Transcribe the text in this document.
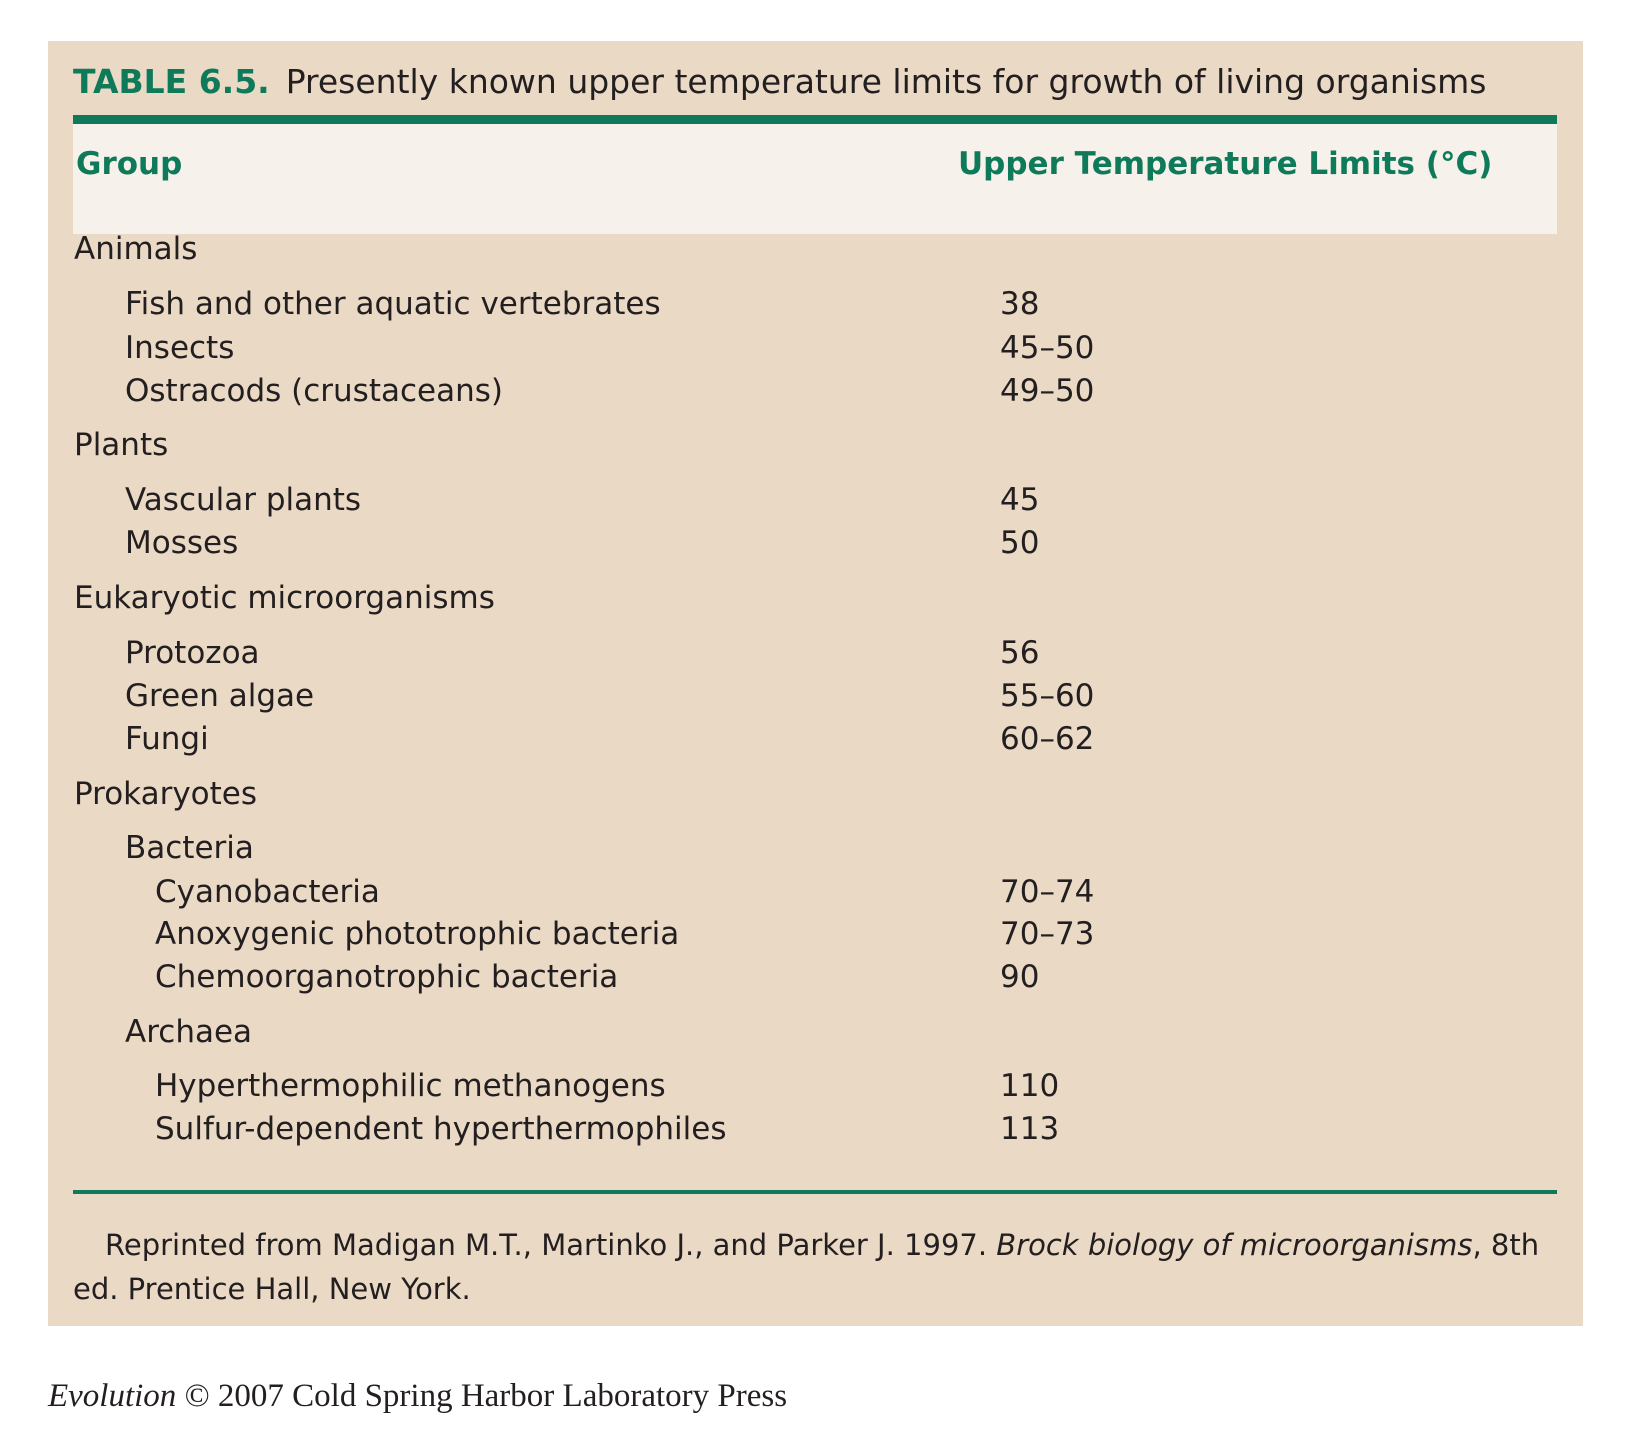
TABLE 6.5. Presently known upper temperature limits for growth of living organisms
Group	Upper Temperature Limits (°C)
Animals
Fish and other aquatic vertebrates	38
Insects	45–50
Ostracods (crustaceans)	49–50
Plants
Vascular plants	45
Mosses	50
Eukaryotic microorganisms
Protozoa	56
Green algae	55–60
Fungi	60–62
Prokaryotes
Bacteria
Cyanobacteria	70–74
Anoxygenic phototrophic bacteria	70–73
Chemoorganotrophic bacteria	90
Archaea
Hyperthermophilic methanogens	110
Sulfur-dependent hyperthermophiles	113
Reprinted from Madigan M.T., Martinko J., and Parker J. 1997. Brock biology of microorganisms, 8th ed. Prentice Hall, New York.
Evolution © 2007 Cold Spring Harbor Laboratory Press
